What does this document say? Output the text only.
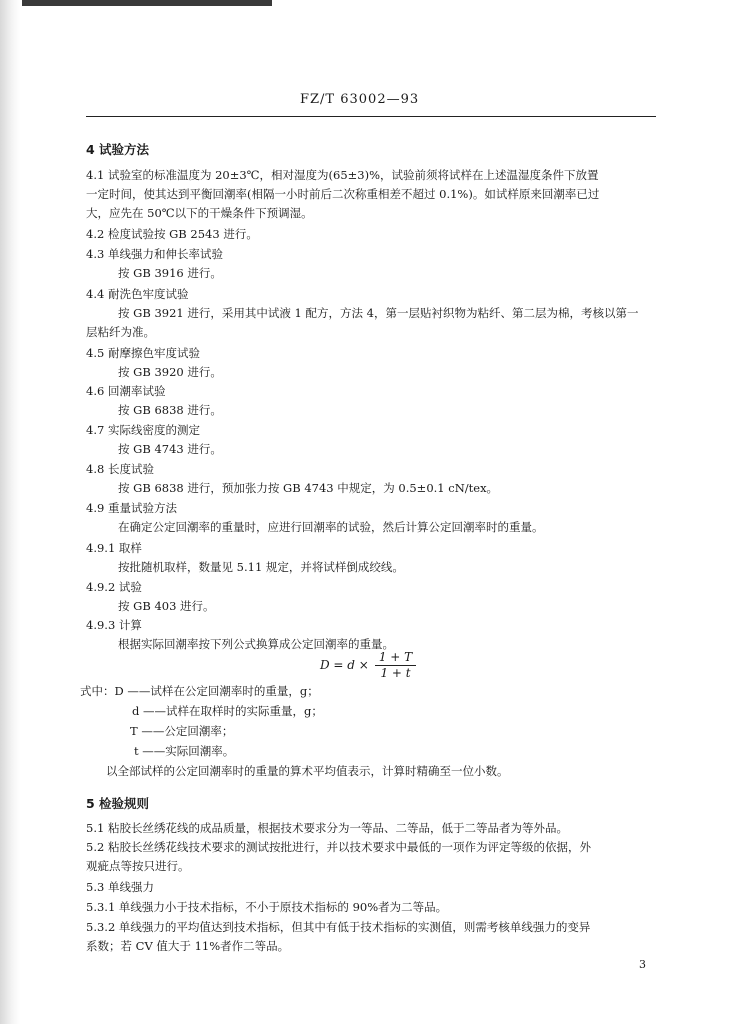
FZ/T 63002—93
4 试验方法
4.1 试验室的标准温度为 20±3℃，相对湿度为(65±3)%，试验前须将试样在上述温湿度条件下放置
一定时间，使其达到平衡回潮率(相隔一小时前后二次称重相差不超过 0.1%)。如试样原来回潮率已过
大，应先在 50℃以下的干燥条件下预调湿。
4.2 检度试验按 GB 2543 进行。
4.3 单线强力和伸长率试验
按 GB 3916 进行。
4.4 耐洗色牢度试验
按 GB 3921 进行，采用其中试液 1 配方，方法 4，第一层贴衬织物为粘纤、第二层为棉，考核以第一
层粘纤为准。
4.5 耐摩擦色牢度试验
按 GB 3920 进行。
4.6 回潮率试验
按 GB 6838 进行。
4.7 实际线密度的测定
按 GB 4743 进行。
4.8 长度试验
按 GB 6838 进行，预加张力按 GB 4743 中规定，为 0.5±0.1 cN/tex。
4.9 重量试验方法
在确定公定回潮率的重量时，应进行回潮率的试验，然后计算公定回潮率时的重量。
4.9.1 取样
按批随机取样，数量见 5.11 规定，并将试样倒成绞线。
4.9.2 试验
按 GB 403 进行。
4.9.3 计算
根据实际回潮率按下列公式换算成公定回潮率的重量。
$D = d \times \frac{1 + T}{1 + t}$
式中：D ——试样在公定回潮率时的重量，g；
d ——试样在取样时的实际重量，g；
T ——公定回潮率；
t ——实际回潮率。
以全部试样的公定回潮率时的重量的算术平均值表示，计算时精确至一位小数。
5 检验规则
5.1 粘胶长丝绣花线的成品质量，根据技术要求分为一等品、二等品，低于二等品者为等外品。
5.2 粘胶长丝绣花线技术要求的测试按批进行，并以技术要求中最低的一项作为评定等级的依据，外
观疵点等按只进行。
5.3 单线强力
5.3.1 单线强力小于技术指标，不小于原技术指标的 90%者为二等品。
5.3.2 单线强力的平均值达到技术指标，但其中有低于技术指标的实测值，则需考核单线强力的变异
系数；若 CV 值大于 11%者作二等品。
3
